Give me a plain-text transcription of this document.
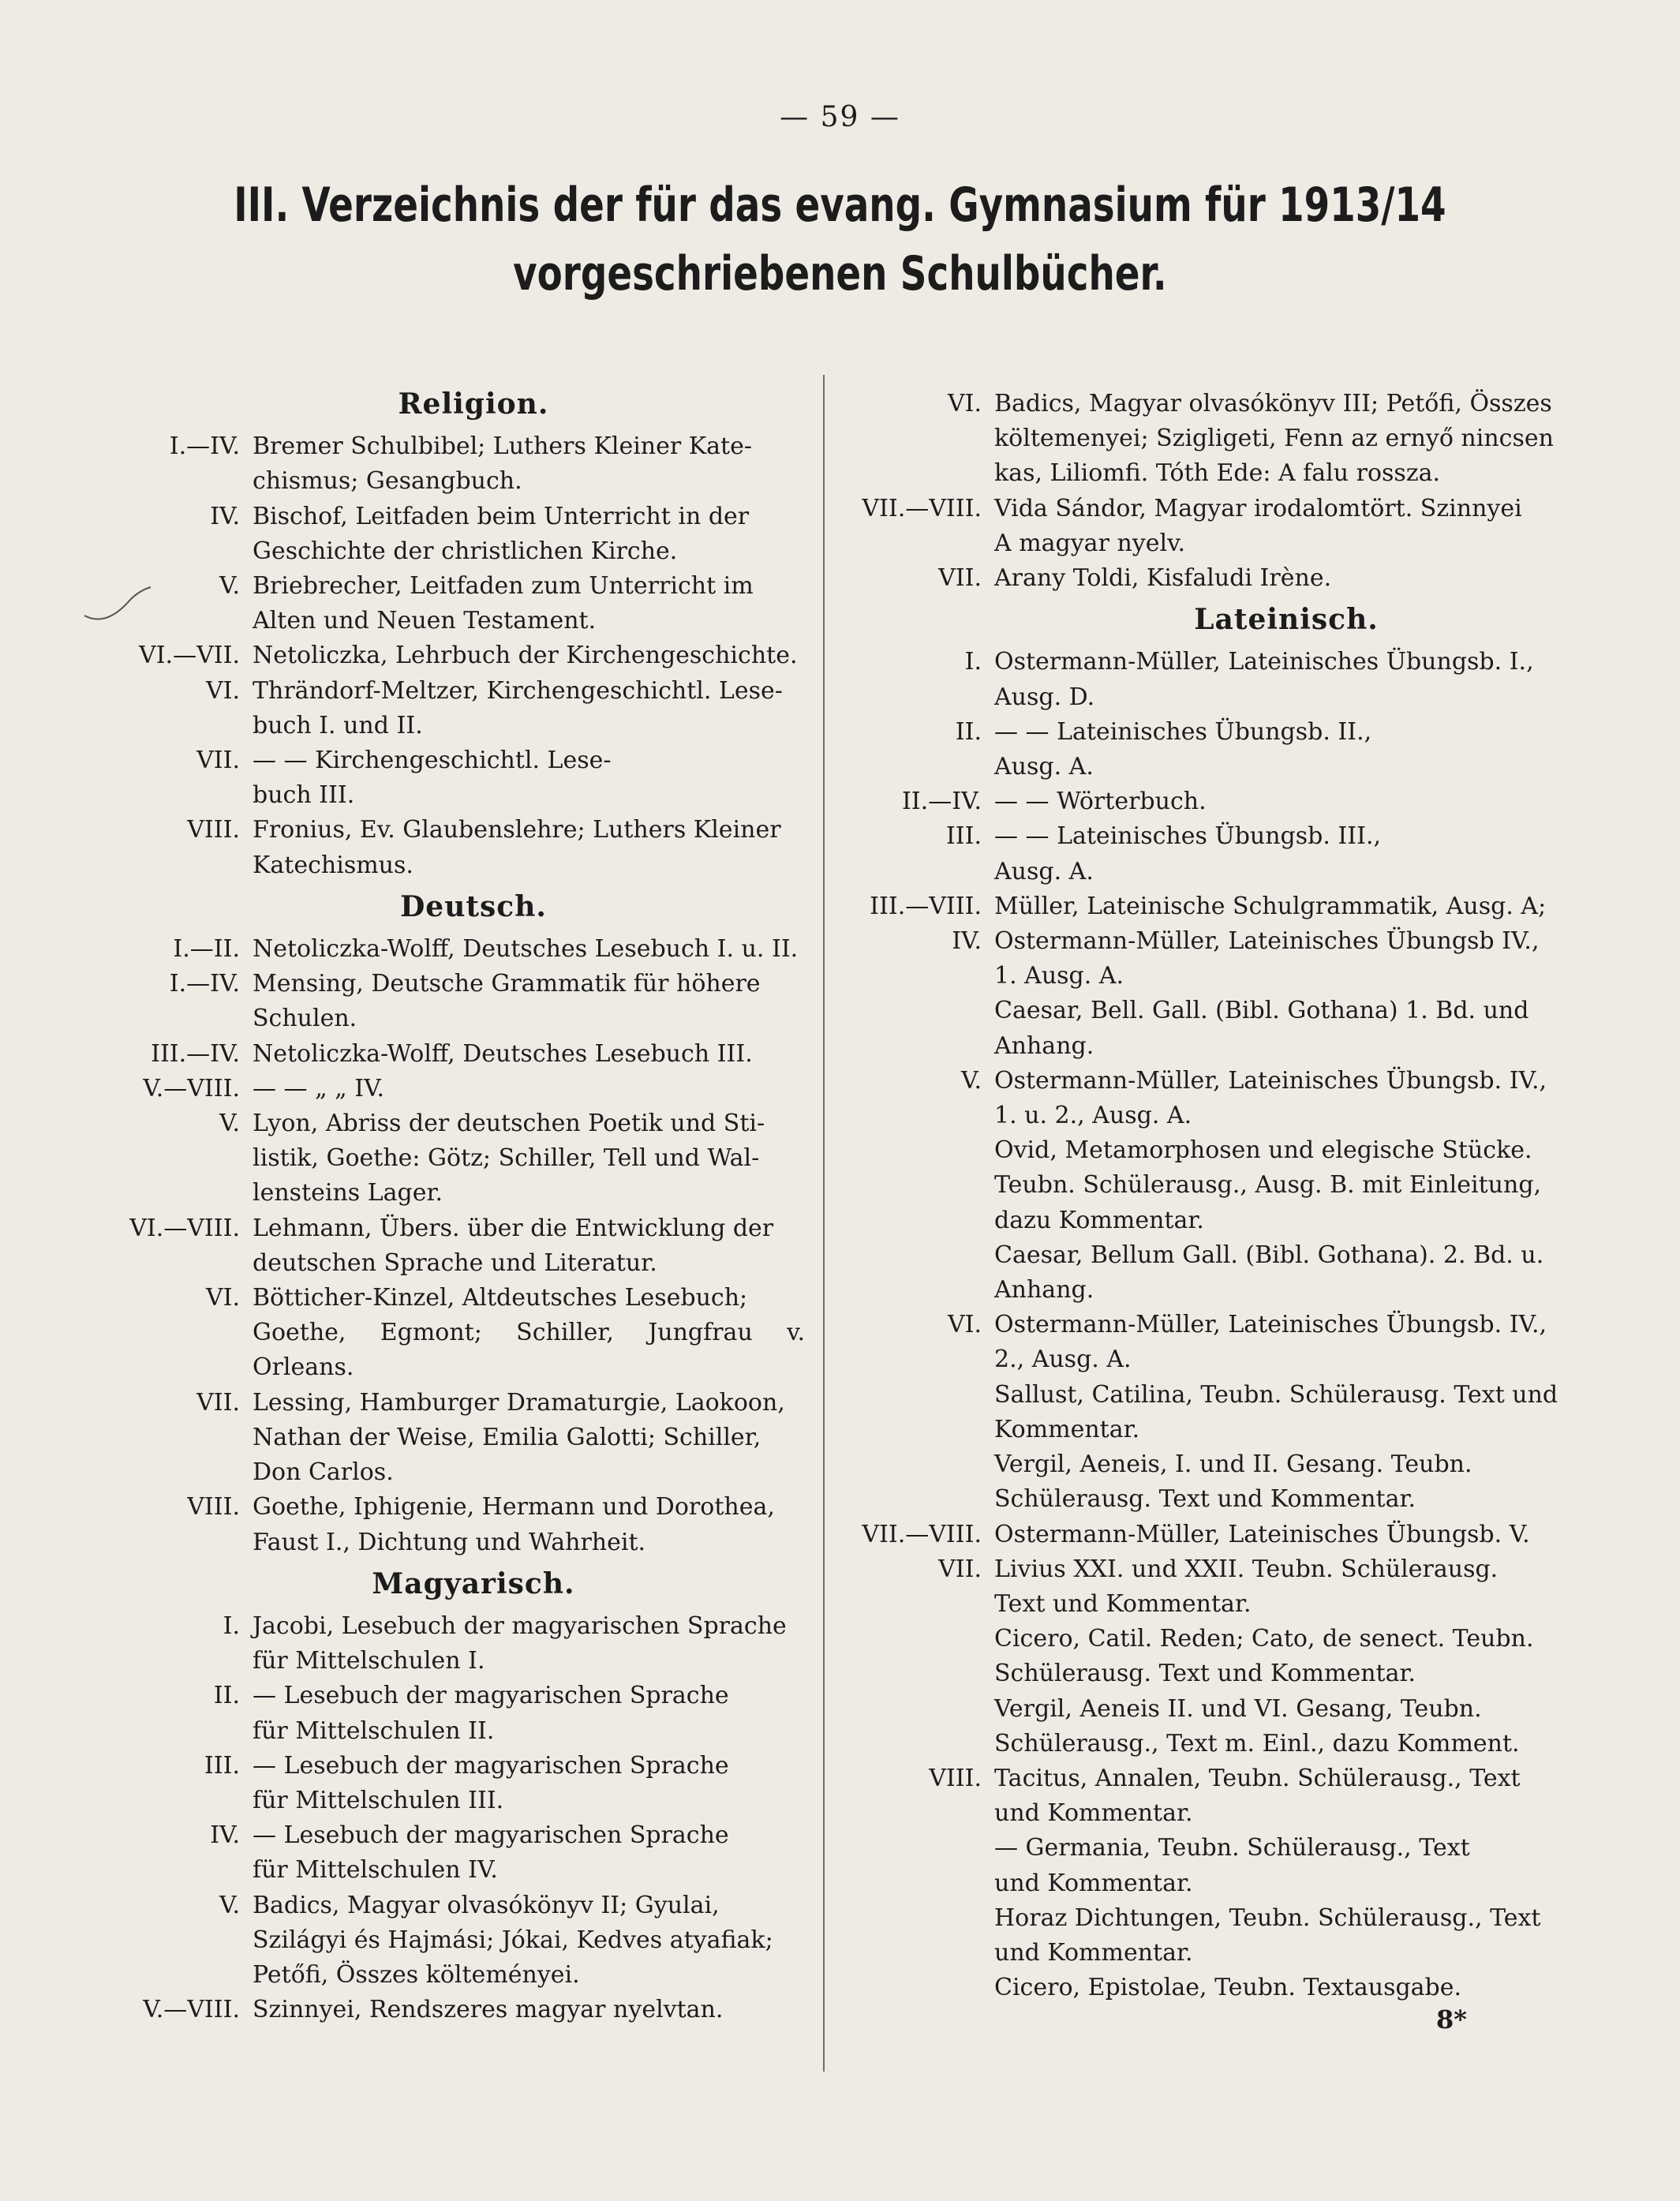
— 59 —
III. Verzeichnis der für das evang. Gymnasium für 1913/14
vorgeschriebenen Schulbücher.
Religion.
I.—IV. Bremer Schulbibel; Luthers Kleiner Kate-
chismus; Gesangbuch.
IV. Bischof, Leitfaden beim Unterricht in der
Geschichte der christlichen Kirche.
V. Briebrecher, Leitfaden zum Unterricht im
Alten und Neuen Testament.
VI.—VII. Netoliczka, Lehrbuch der Kirchengeschichte.
VI. Thrändorf-Meltzer, Kirchengeschichtl. Lese-
buch I. und II.
VII. — — Kirchengeschichtl. Lese-
buch III.
VIII. Fronius, Ev. Glaubenslehre; Luthers Kleiner
Katechismus.
Deutsch.
I.—II. Netoliczka-Wolff, Deutsches Lesebuch I. u. II.
I.—IV. Mensing, Deutsche Grammatik für höhere
Schulen.
III.—IV. Netoliczka-Wolff, Deutsches Lesebuch III.
V.—VIII. — — „ „ IV.
V. Lyon, Abriss der deutschen Poetik und Sti-
listik, Goethe: Götz; Schiller, Tell und Wal-
lensteins Lager.
VI.—VIII. Lehmann, Übers. über die Entwicklung der
deutschen Sprache und Literatur.
VI. Bötticher-Kinzel, Altdeutsches Lesebuch;
Goethe, Egmont; Schiller, Jungfrau v. Orleans.
VII. Lessing, Hamburger Dramaturgie, Laokoon,
Nathan der Weise, Emilia Galotti; Schiller,
Don Carlos.
VIII. Goethe, Iphigenie, Hermann und Dorothea,
Faust I., Dichtung und Wahrheit.
Magyarisch.
I. Jacobi, Lesebuch der magyarischen Sprache
für Mittelschulen I.
II. — Lesebuch der magyarischen Sprache
für Mittelschulen II.
III. — Lesebuch der magyarischen Sprache
für Mittelschulen III.
IV. — Lesebuch der magyarischen Sprache
für Mittelschulen IV.
V. Badics, Magyar olvasókönyv II; Gyulai,
Szilágyi és Hajmási; Jókai, Kedves atyafiak;
Petőfi, Összes költeményei.
V.—VIII. Szinnyei, Rendszeres magyar nyelvtan.
VI. Badics, Magyar olvasókönyv III; Petőfi, Összes
költemenyei; Szigligeti, Fenn az ernyő nincsen
kas, Liliomfi. Tóth Ede: A falu rossza.
VII.—VIII. Vida Sándor, Magyar irodalomtört. Szinnyei
A magyar nyelv.
VII. Arany Toldi, Kisfaludi Irène.
Lateinisch.
I. Ostermann-Müller, Lateinisches Übungsb. I.,
Ausg. D.
II. — — Lateinisches Übungsb. II.,
Ausg. A.
II.—IV. — — Wörterbuch.
III. — — Lateinisches Übungsb. III.,
Ausg. A.
III.—VIII. Müller, Lateinische Schulgrammatik, Ausg. A;
IV. Ostermann-Müller, Lateinisches Übungsb IV.,
1. Ausg. A.
Caesar, Bell. Gall. (Bibl. Gothana) 1. Bd. und
Anhang.
V. Ostermann-Müller, Lateinisches Übungsb. IV.,
1. u. 2., Ausg. A.
Ovid, Metamorphosen und elegische Stücke.
Teubn. Schülerausg., Ausg. B. mit Einleitung,
dazu Kommentar.
Caesar, Bellum Gall. (Bibl. Gothana). 2. Bd. u.
Anhang.
VI. Ostermann-Müller, Lateinisches Übungsb. IV.,
2., Ausg. A.
Sallust, Catilina, Teubn. Schülerausg. Text und
Kommentar.
Vergil, Aeneis, I. und II. Gesang. Teubn.
Schülerausg. Text und Kommentar.
VII.—VIII. Ostermann-Müller, Lateinisches Übungsb. V.
VII. Livius XXI. und XXII. Teubn. Schülerausg.
Text und Kommentar.
Cicero, Catil. Reden; Cato, de senect. Teubn.
Schülerausg. Text und Kommentar.
Vergil, Aeneis II. und VI. Gesang, Teubn.
Schülerausg., Text m. Einl., dazu Komment.
VIII. Tacitus, Annalen, Teubn. Schülerausg., Text
und Kommentar.
— Germania, Teubn. Schülerausg., Text
und Kommentar.
Horaz Dichtungen, Teubn. Schülerausg., Text
und Kommentar.
Cicero, Epistolae, Teubn. Textausgabe.
8*
